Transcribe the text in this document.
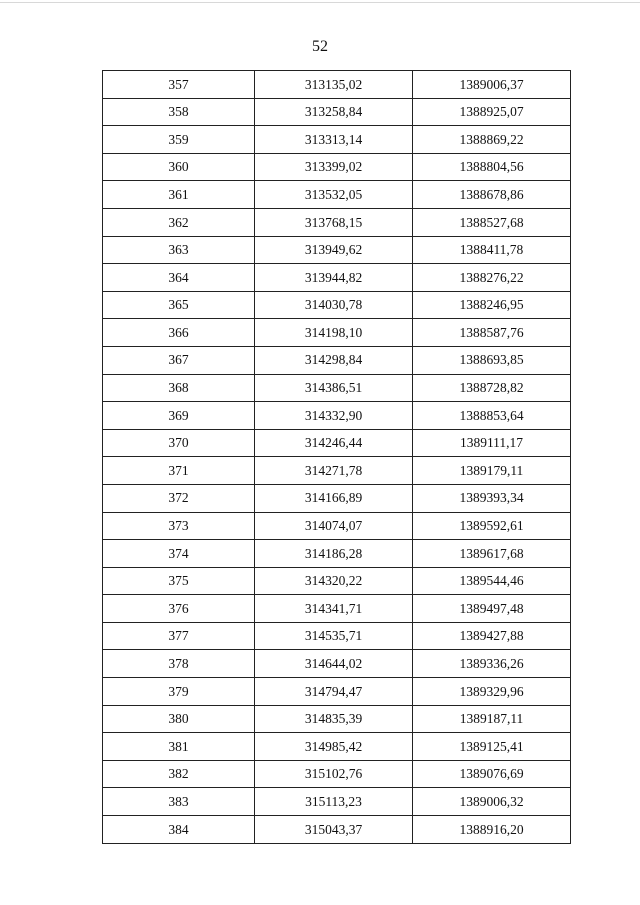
52
357	313135,02	1389006,37
358	313258,84	1388925,07
359	313313,14	1388869,22
360	313399,02	1388804,56
361	313532,05	1388678,86
362	313768,15	1388527,68
363	313949,62	1388411,78
364	313944,82	1388276,22
365	314030,78	1388246,95
366	314198,10	1388587,76
367	314298,84	1388693,85
368	314386,51	1388728,82
369	314332,90	1388853,64
370	314246,44	1389111,17
371	314271,78	1389179,11
372	314166,89	1389393,34
373	314074,07	1389592,61
374	314186,28	1389617,68
375	314320,22	1389544,46
376	314341,71	1389497,48
377	314535,71	1389427,88
378	314644,02	1389336,26
379	314794,47	1389329,96
380	314835,39	1389187,11
381	314985,42	1389125,41
382	315102,76	1389076,69
383	315113,23	1389006,32
384	315043,37	1388916,20
